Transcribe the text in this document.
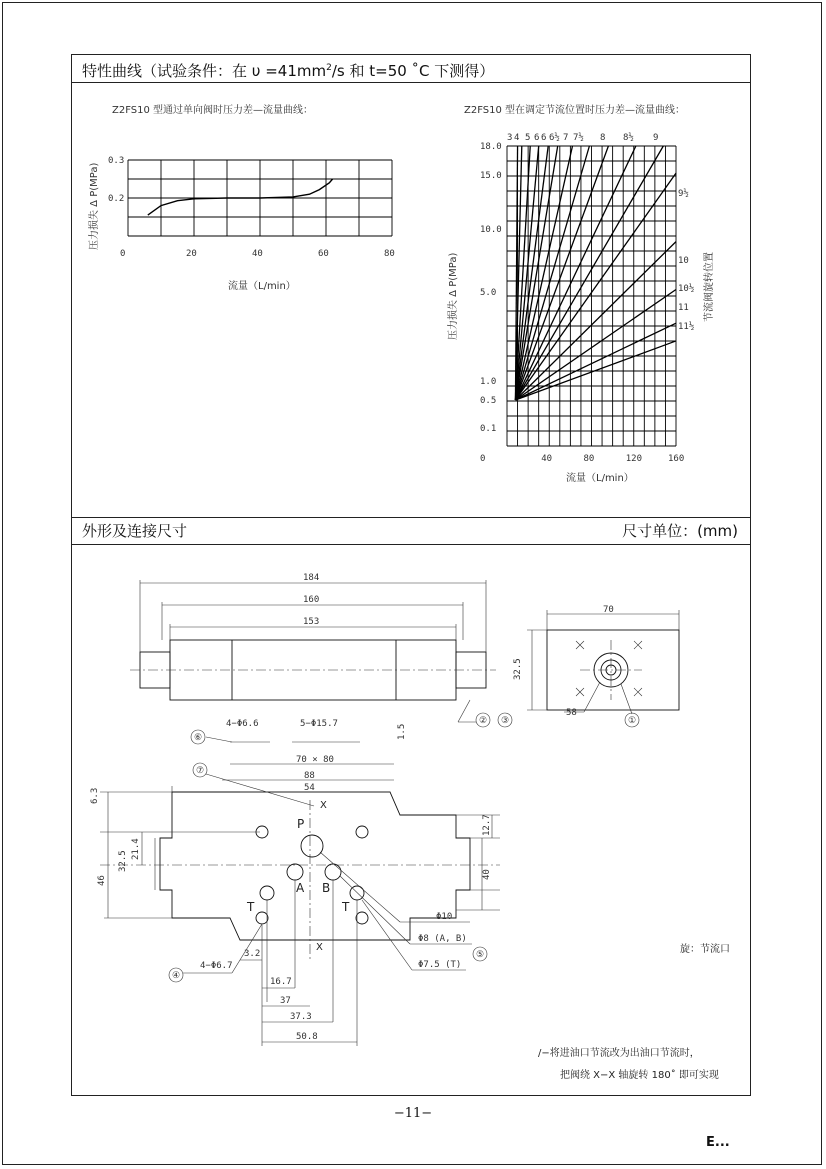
特性曲线（试验条件：在 $\upsilon =41mm^2/s$ 和 t=50 ˚C 下测得）
外形及连接尺寸	尺寸单位：(mm)
Z2FS10 型通过单向阀时压力差—流量曲线：
压力损失 Δ P(MPa)
流量（L/min）
0	20	40	60	80
0.3
0.2
Z2FS10 型在调定节流位置时压力差—流量曲线：
压力损失 Δ P(MPa)	节流阀旋转位置
流量（L/min）
0	40	80	120	160
18.0
15.0
10.0
5.0
1.0
0.5
0.1
3 4 5 6 6 6½ 7 7½ 8 8½ 9
9½
10
10½
11
11½
184
160
153
② ③
70
32.5
58
①
⑥
4−Φ6.6	5−Φ15.7	1.5
70 × 80
88
54
⑦
X
X
P
A B
T	T
6.3
21.4
32.5
46
12.7
40
3.2
16.7
37
37.3
50.8
④
4−Φ6.7
Φ10
Φ8 (A, B)
Φ7.5 (T)
⑤	旋：节流口
/−将进油口节流改为出油口节流时，
把阀绕 X−X 轴旋转 180˚ 即可实现
−11−
E...
